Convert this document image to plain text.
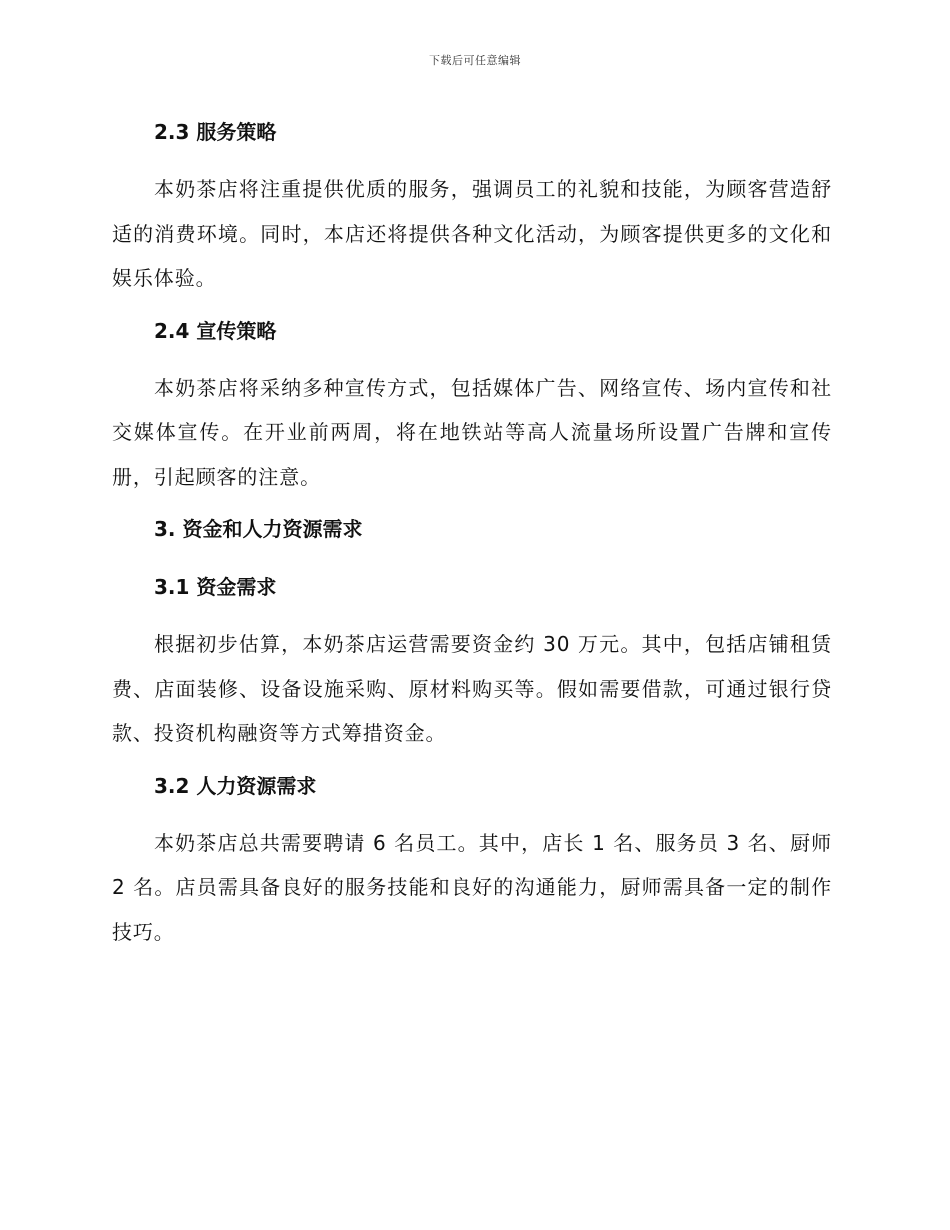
下载后可任意编辑
2.3 服务策略

本奶茶店将注重提供优质的服务，强调员工的礼貌和技能，为顾客营造舒适的消费环境。同时，本店还将提供各种文化活动，为顾客提供更多的文化和娱乐体验。

2.4 宣传策略

本奶茶店将采纳多种宣传方式，包括媒体广告、网络宣传、场内宣传和社交媒体宣传。在开业前两周，将在地铁站等高人流量场所设置广告牌和宣传册，引起顾客的注意。

3. 资金和人力资源需求
3.1 资金需求

根据初步估算，本奶茶店运营需要资金约 30 万元。其中，包括店铺租赁费、店面装修、设备设施采购、原材料购买等。假如需要借款，可通过银行贷款、投资机构融资等方式筹措资金。

3.2 人力资源需求

本奶茶店总共需要聘请 6 名员工。其中，店长 1 名、服务员 3 名、厨师 2 名。店员需具备良好的服务技能和良好的沟通能力，厨师需具备一定的制作技巧。
